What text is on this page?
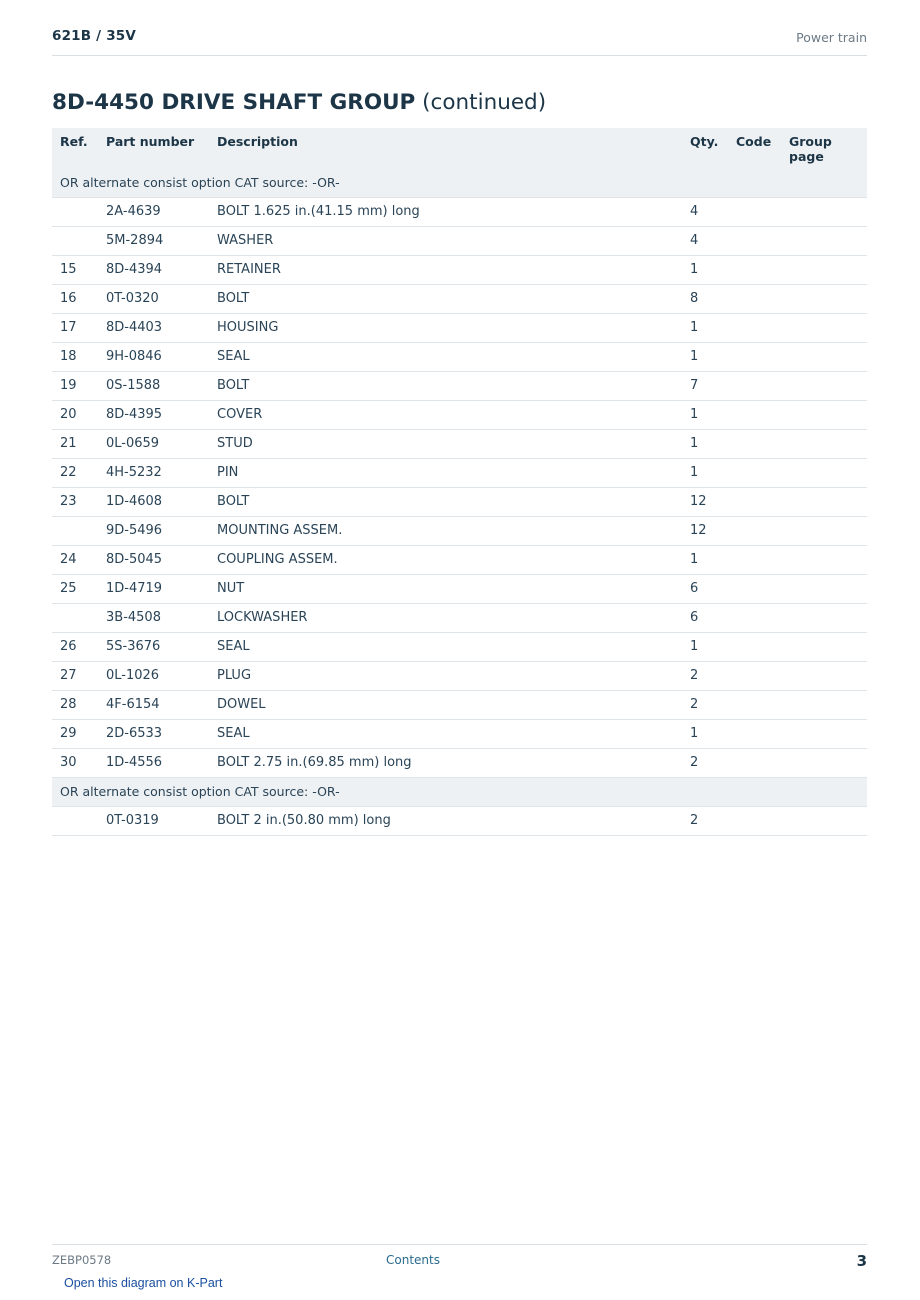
621B / 35V	Power train
8D-4450 DRIVE SHAFT GROUP (continued)
Ref.	Part number	Description	Qty.	Code	Group page
OR alternate consist option CAT source: -OR-					
	2A-4639	BOLT 1.625 in.(41.15 mm) long	4		
	5M-2894	WASHER	4		
15	8D-4394	RETAINER	1		
16	0T-0320	BOLT	8		
17	8D-4403	HOUSING	1		
18	9H-0846	SEAL	1		
19	0S-1588	BOLT	7		
20	8D-4395	COVER	1		
21	0L-0659	STUD	1		
22	4H-5232	PIN	1		
23	1D-4608	BOLT	12		
	9D-5496	MOUNTING ASSEM.	12		
24	8D-5045	COUPLING ASSEM.	1		
25	1D-4719	NUT	6		
	3B-4508	LOCKWASHER	6		
26	5S-3676	SEAL	1		
27	0L-1026	PLUG	2		
28	4F-6154	DOWEL	2		
29	2D-6533	SEAL	1		
30	1D-4556	BOLT 2.75 in.(69.85 mm) long	2		
OR alternate consist option CAT source: -OR-					
	0T-0319	BOLT 2 in.(50.80 mm) long	2		
ZEBP0578	Contents	3
Open this diagram on K-Part
